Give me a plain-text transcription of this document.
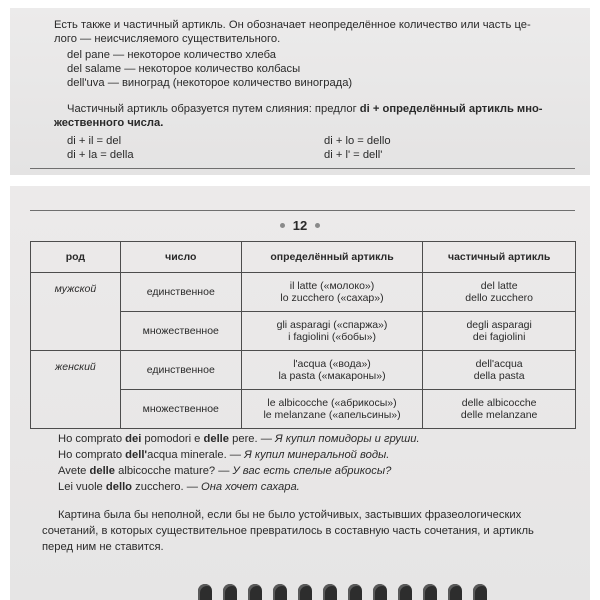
Есть также и частичный артикль. Он обозначает неопределённое количество или часть це-
лого — неисчисляемого существительного.
del pane — некоторое количество хлеба
del salame — некоторое количество колбасы
dell'uva — виноград (некоторое количество винограда)
Частичный артикль образуется путем слияния: предлог di + определённый артикль мно-
жественного числа.
di + il = del
di + la = della
di + lo = dello
di + l' = dell'
12
род	число	определённый артикль	частичный артикль
мужской	единственное	il latte («молоко»)
lo zucchero («сахар»)	del latte
dello zucchero

	множественное	gli asparagi («спаржа»)
i fagiolini («бобы»)	degli asparagi
dei fagiolini

женский	единственное	l'acqua («вода»)
la pasta («макароны»)	dell'acqua
della pasta

	множественное	le albicocche («абрикосы»)
le melanzane («апельсины»)	delle albicocche
delle melanzane
Ho comprato dei pomodori e delle pere. — Я купил помидоры и груши.
Ho comprato dell'acqua minerale. — Я купил минеральной воды.
Avete delle albicocche mature? — У вас есть спелые абрикосы?
Lei vuole dello zucchero. — Она хочет сахара.
Картина была бы неполной, если бы не было устойчивых, застывших фразеологических
сочетаний, в которых существительное превратилось в составную часть сочетания, и артикль
перед ним не ставится.
